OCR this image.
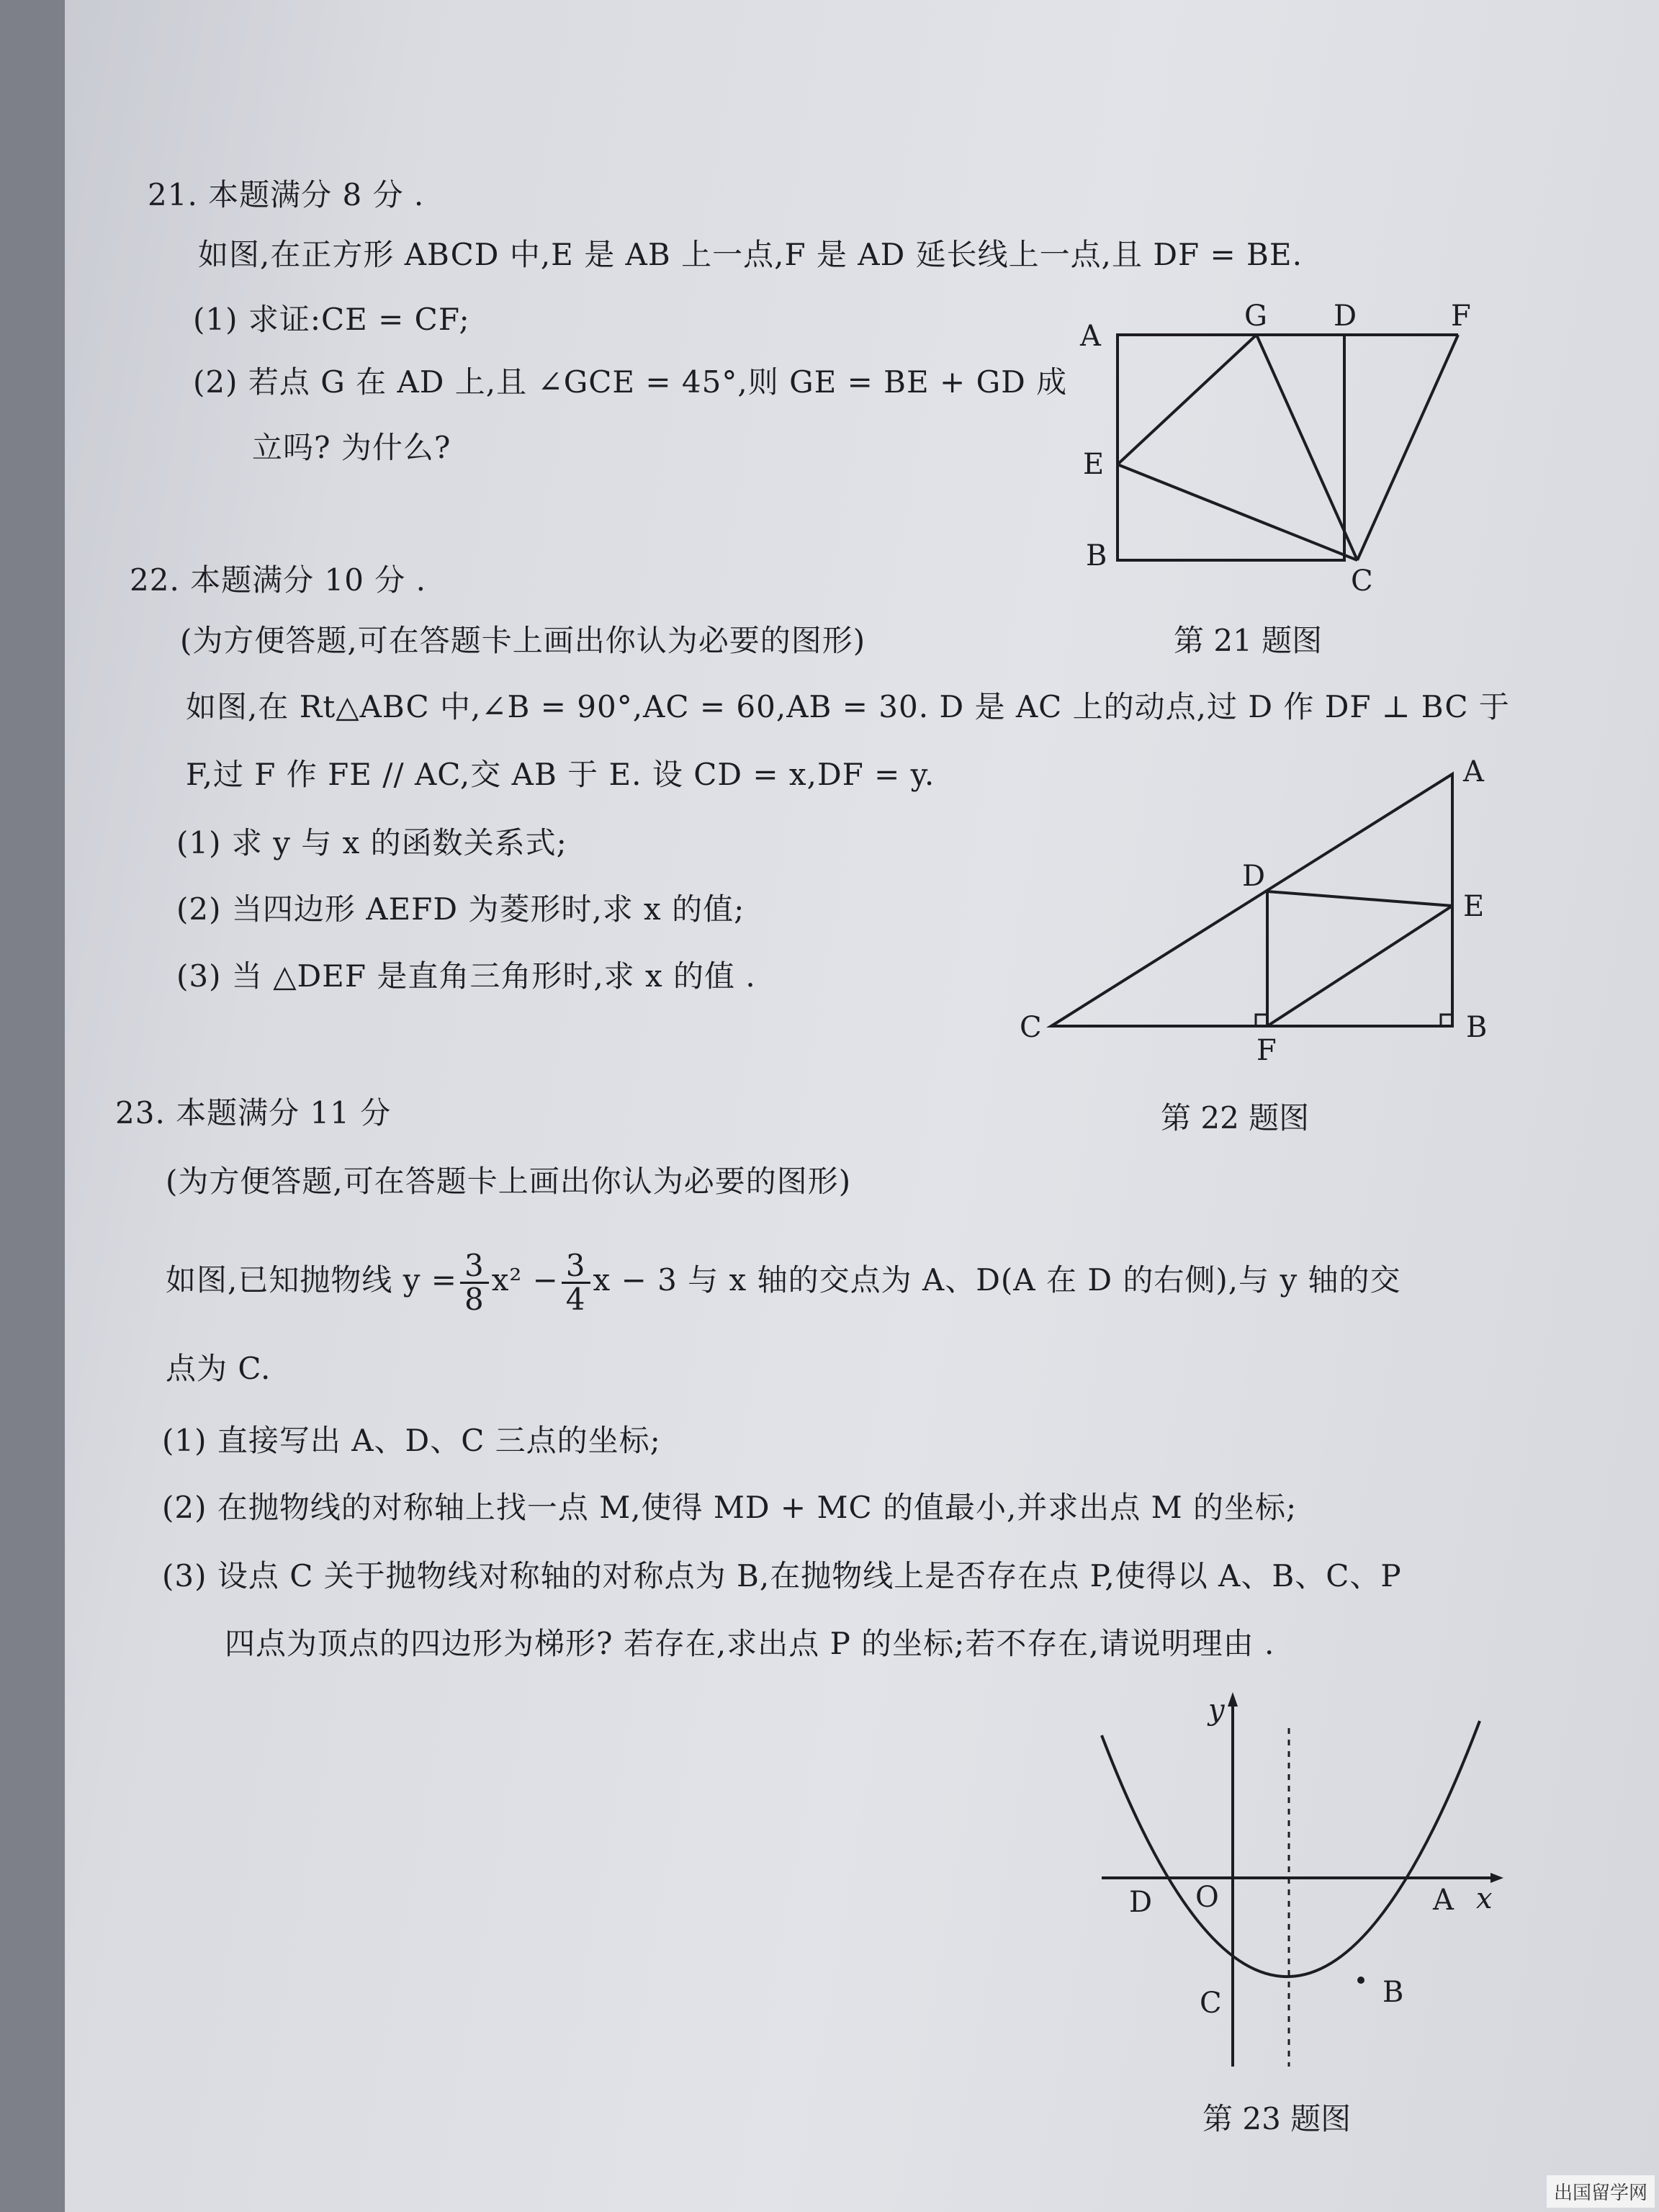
21. 本题满分 8 分 .
如图,在正方形 ABCD 中,E 是 AB 上一点,F 是 AD 延长线上一点,且 DF = BE.
(1) 求证:CE = CF;
(2) 若点 G 在 AD 上,且 ∠GCE = 45°,则 GE = BE + GD 成
立吗? 为什么?
A
G D	F
E
B
C
第 21 题图
22. 本题满分 10 分 .
(为方便答题,可在答题卡上画出你认为必要的图形)
如图,在 Rt△ABC 中,∠B = 90°,AC = 60,AB = 30. D 是 AC 上的动点,过 D 作 DF ⊥ BC 于
F,过 F 作 FE // AC,交 AB 于 E. 设 CD = x,DF = y.
(1) 求 y 与 x 的函数关系式;
(2) 当四边形 AEFD 为菱形时,求 x 的值;
(3) 当 △DEF 是直角三角形时,求 x 的值 .
A
D
E
C
F
B
第 22 题图
23. 本题满分 11 分
(为方便答题,可在答题卡上画出你认为必要的图形)
如图,已知抛物线 $y = \frac{3}{8} x^2 - \frac{3}{4}$ x − 3 与 x 轴的交点为 A、D(A 在 D 的右侧),与 y 轴的交
点为 C.
(1) 直接写出 A、D、C 三点的坐标;
(2) 在抛物线的对称轴上找一点 M,使得 MD + MC 的值最小,并求出点 M 的坐标;
(3) 设点 C 关于抛物线对称轴的对称点为 B,在抛物线上是否存在点 P,使得以 A、B、C、P
四点为顶点的四边形为梯形? 若存在,求出点 P 的坐标;若不存在,请说明理由 .
y
x
D O	A
C	B
第 23 题图
出国留学网
